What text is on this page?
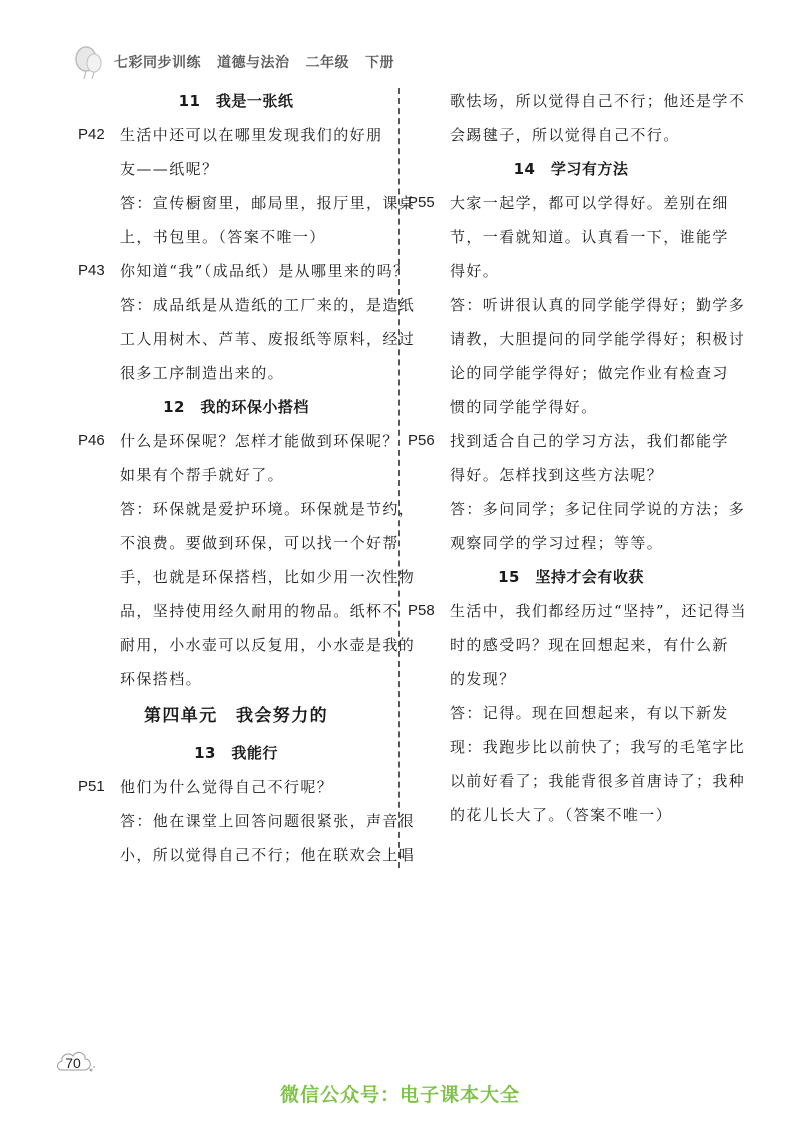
七彩同步训练 道德与法治 二年级 下册
11　我是一张纸
P42 生活中还可以在哪里发现我们的好朋
友——纸呢？
答：宣传橱窗里，邮局里，报厅里，课桌
上，书包里。（答案不唯一）
P43 你知道“我”（成品纸）是从哪里来的吗？
答：成品纸是从造纸的工厂来的，是造纸
工人用树木、芦苇、废报纸等原料，经过
很多工序制造出来的。
12　我的环保小搭档
P46 什么是环保呢？怎样才能做到环保呢？
如果有个帮手就好了。
答：环保就是爱护环境。环保就是节约，
不浪费。要做到环保，可以找一个好帮
手，也就是环保搭档，比如少用一次性物
品，坚持使用经久耐用的物品。纸杯不
耐用，小水壶可以反复用，小水壶是我的
环保搭档。
第四单元　我会努力的
13　我能行
P51 他们为什么觉得自己不行呢？
答：他在课堂上回答问题很紧张，声音很
小，所以觉得自己不行；他在联欢会上唱
歌怯场，所以觉得自己不行；他还是学不
会踢毽子，所以觉得自己不行。
14　学习有方法
P55 大家一起学，都可以学得好。差别在细
节，一看就知道。认真看一下，谁能学
得好。
答：听讲很认真的同学能学得好；勤学多
请教，大胆提问的同学能学得好；积极讨
论的同学能学得好；做完作业有检查习
惯的同学能学得好。
P56 找到适合自己的学习方法，我们都能学
得好。怎样找到这些方法呢？
答：多问同学；多记住同学说的方法；多
观察同学的学习过程；等等。
15　坚持才会有收获
P58 生活中，我们都经历过“坚持”，还记得当
时的感受吗？现在回想起来，有什么新
的发现？
答：记得。现在回想起来，有以下新发
现：我跑步比以前快了；我写的毛笔字比
以前好看了；我能背很多首唐诗了；我种
的花儿长大了。（答案不唯一）
70
微信公众号：电子课本大全
